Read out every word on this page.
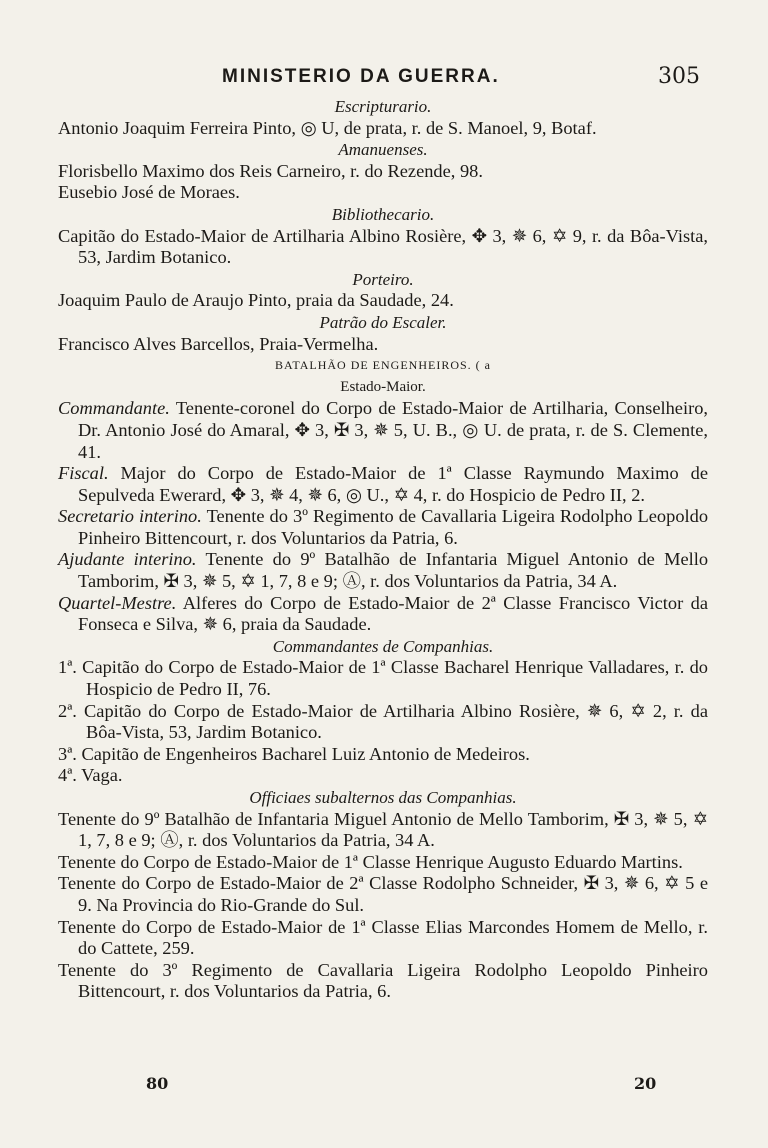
MINISTERIO DA GUERRA.	305

Escripturario.

Antonio Joaquim Ferreira Pinto, ◎ U, de prata, r. de S. Manoel, 9, Botaf.

Amanuenses.

Florisbello Maximo dos Reis Carneiro, r. do Rezende, 98.

Eusebio José de Moraes.

Bibliothecario.

Capitão do Estado-Maior de Artilharia Albino Rosière, ✥ 3, ✵ 6, ✡ 9, r. da Bôa-Vista, 53, Jardim Botanico.

Porteiro.

Joaquim Paulo de Araujo Pinto, praia da Saudade, 24.

Patrão do Escaler.

Francisco Alves Barcellos, Praia-Vermelha.

BATALHÃO DE ENGENHEIROS. ( a

Estado-Maior.

Commandante. Tenente-coronel do Corpo de Estado-Maior de Artilharia, Conselheiro, Dr. Antonio José do Amaral, ✥ 3, ✠ 3, ✵ 5, U. B., ◎ U. de prata, r. de S. Clemente, 41.

Fiscal. Major do Corpo de Estado-Maior de 1ª Classe Raymundo Maximo de Sepulveda Ewerard, ✥ 3, ✵ 4, ✵ 6, ◎ U., ✡ 4, r. do Hospicio de Pedro II, 2.

Secretario interino. Tenente do 3º Regimento de Cavallaria Ligeira Rodolpho Leopoldo Pinheiro Bittencourt, r. dos Voluntarios da Patria, 6.

Ajudante interino. Tenente do 9º Batalhão de Infantaria Miguel Antonio de Mello Tamborim, ✠ 3, ✵ 5, ✡ 1, 7, 8 e 9; Ⓐ, r. dos Voluntarios da Patria, 34 A.

Quartel-Mestre. Alferes do Corpo de Estado-Maior de 2ª Classe Francisco Victor da Fonseca e Silva, ✵ 6, praia da Saudade.

Commandantes de Companhias.

1ª. Capitão do Corpo de Estado-Maior de 1ª Classe Bacharel Henrique Valladares, r. do Hospicio de Pedro II, 76.

2ª. Capitão do Corpo de Estado-Maior de Artilharia Albino Rosière, ✵ 6, ✡ 2, r. da Bôa-Vista, 53, Jardim Botanico.

3ª. Capitão de Engenheiros Bacharel Luiz Antonio de Medeiros.

4ª. Vaga.

Officiaes subalternos das Companhias.

Tenente do 9º Batalhão de Infantaria Miguel Antonio de Mello Tamborim, ✠ 3, ✵ 5, ✡ 1, 7, 8 e 9; Ⓐ, r. dos Voluntarios da Patria, 34 A.

Tenente do Corpo de Estado-Maior de 1ª Classe Henrique Augusto Eduardo Martins.

Tenente do Corpo de Estado-Maior de 2ª Classe Rodolpho Schneider, ✠ 3, ✵ 6, ✡ 5 e 9. Na Provincia do Rio-Grande do Sul.

Tenente do Corpo de Estado-Maior de 1ª Classe Elias Marcondes Homem de Mello, r. do Cattete, 259.

Tenente do 3º Regimento de Cavallaria Ligeira Rodolpho Leopoldo Pinheiro Bittencourt, r. dos Voluntarios da Patria, 6.

80	20
